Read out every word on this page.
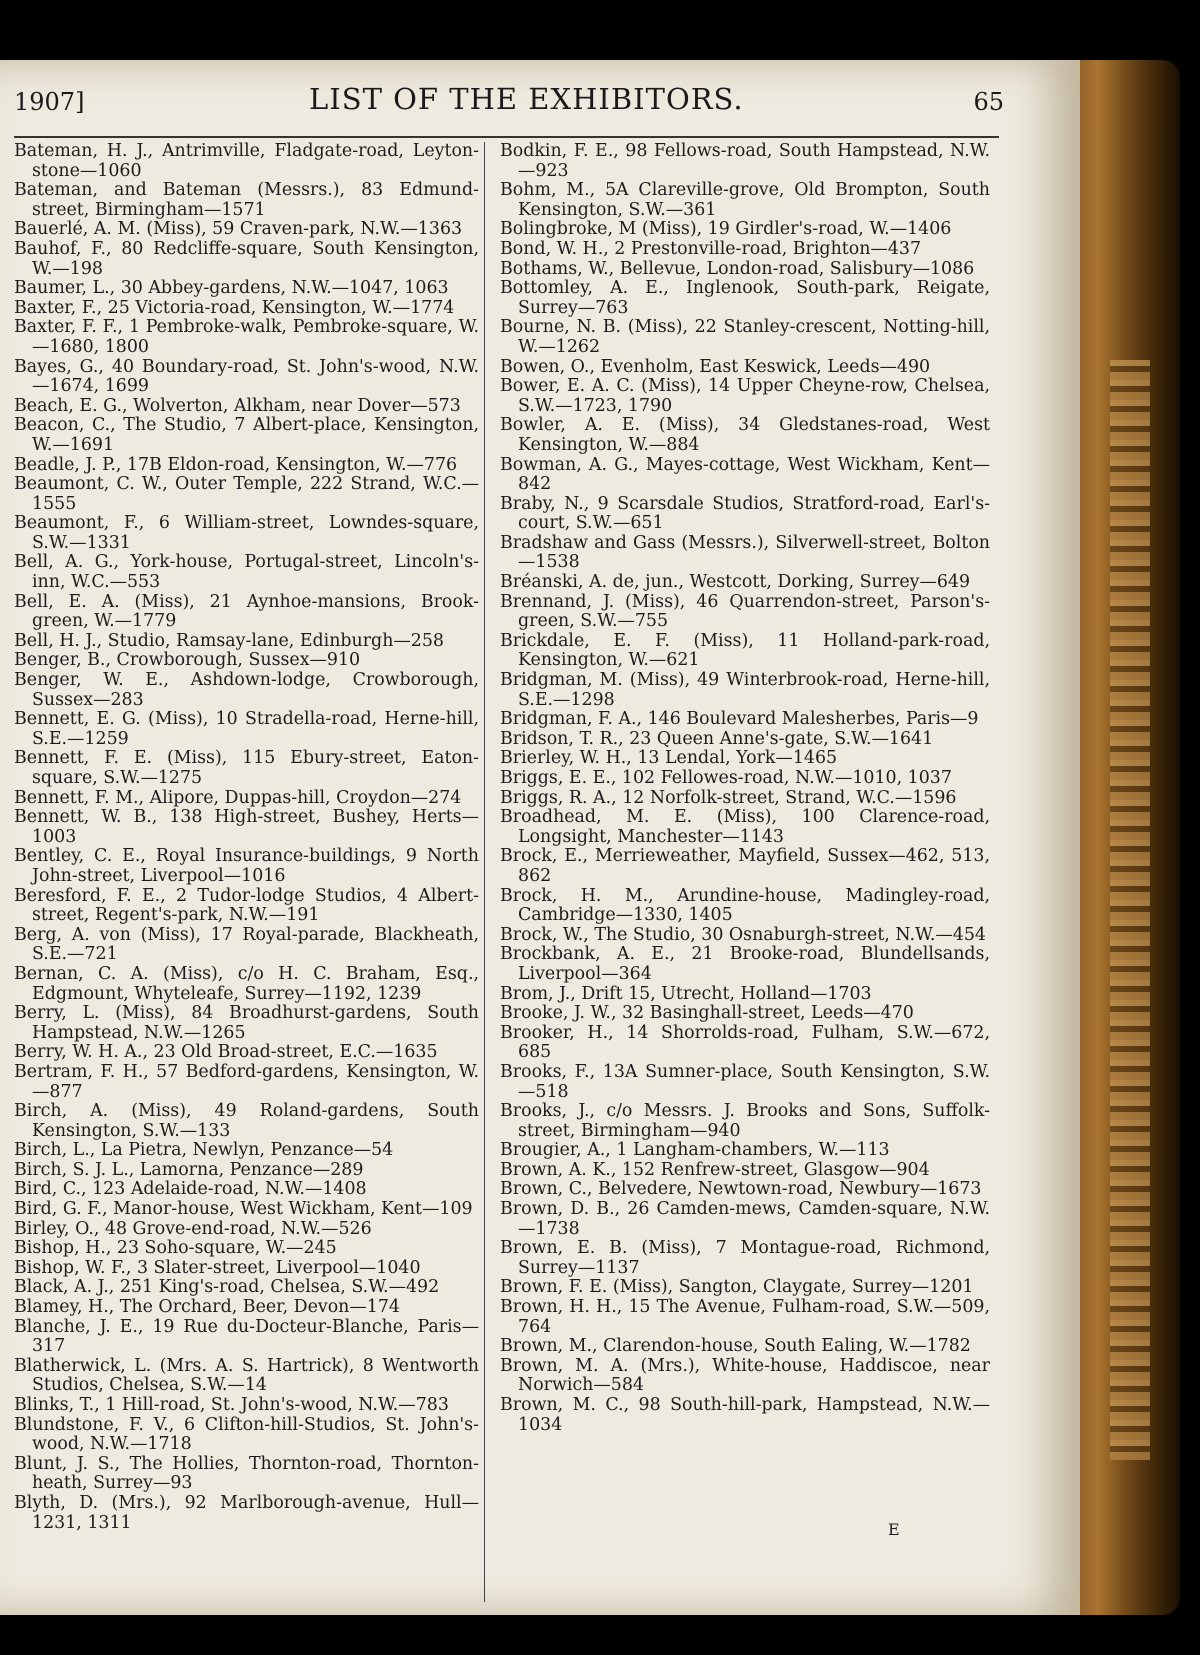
1907]	LIST OF THE EXHIBITORS.	65

Bateman, H. J., Antrimville, Fladgate-road, Leyton-stone—1060

Bateman, and Bateman (Messrs.), 83 Edmund-street, Birmingham—1571

Bauerlé, A. M. (Miss), 59 Craven-park, N.W.—1363

Bauhof, F., 80 Redcliffe-square, South Kensington, W.—198

Baumer, L., 30 Abbey-gardens, N.W.—1047, 1063

Baxter, F., 25 Victoria-road, Kensington, W.—1774

Baxter, F. F., 1 Pembroke-walk, Pembroke-square, W.—1680, 1800

Bayes, G., 40 Boundary-road, St. John's-wood, N.W.—1674, 1699

Beach, E. G., Wolverton, Alkham, near Dover—573

Beacon, C., The Studio, 7 Albert-place, Kensington, W.—1691

Beadle, J. P., 17B Eldon-road, Kensington, W.—776

Beaumont, C. W., Outer Temple, 222 Strand, W.C.—1555

Beaumont, F., 6 William-street, Lowndes-square, S.W.—1331

Bell, A. G., York-house, Portugal-street, Lincoln's-inn, W.C.—553

Bell, E. A. (Miss), 21 Aynhoe-mansions, Brook-green, W.—1779

Bell, H. J., Studio, Ramsay-lane, Edinburgh—258

Benger, B., Crowborough, Sussex—910

Benger, W. E., Ashdown-lodge, Crowborough, Sussex—283

Bennett, E. G. (Miss), 10 Stradella-road, Herne-hill, S.E.—1259

Bennett, F. E. (Miss), 115 Ebury-street, Eaton-square, S.W.—1275

Bennett, F. M., Alipore, Duppas-hill, Croydon—274

Bennett, W. B., 138 High-street, Bushey, Herts—1003

Bentley, C. E., Royal Insurance-buildings, 9 North John-street, Liverpool—1016

Beresford, F. E., 2 Tudor-lodge Studios, 4 Albert-street, Regent's-park, N.W.—191

Berg, A. von (Miss), 17 Royal-parade, Blackheath, S.E.—721

Bernan, C. A. (Miss), c/o H. C. Braham, Esq., Edgmount, Whyteleafe, Surrey—1192, 1239

Berry, L. (Miss), 84 Broadhurst-gardens, South Hampstead, N.W.—1265

Berry, W. H. A., 23 Old Broad-street, E.C.—1635

Bertram, F. H., 57 Bedford-gardens, Kensington, W.—877

Birch, A. (Miss), 49 Roland-gardens, South Kensington, S.W.—133

Birch, L., La Pietra, Newlyn, Penzance—54

Birch, S. J. L., Lamorna, Penzance—289

Bird, C., 123 Adelaide-road, N.W.—1408

Bird, G. F., Manor-house, West Wickham, Kent—109

Birley, O., 48 Grove-end-road, N.W.—526

Bishop, H., 23 Soho-square, W.—245

Bishop, W. F., 3 Slater-street, Liverpool—1040

Black, A. J., 251 King's-road, Chelsea, S.W.—492

Blamey, H., The Orchard, Beer, Devon—174

Blanche, J. E., 19 Rue du-Docteur-Blanche, Paris—317

Blatherwick, L. (Mrs. A. S. Hartrick), 8 Wentworth Studios, Chelsea, S.W.—14

Blinks, T., 1 Hill-road, St. John's-wood, N.W.—783

Blundstone, F. V., 6 Clifton-hill-Studios, St. John's-wood, N.W.—1718

Blunt, J. S., The Hollies, Thornton-road, Thornton-heath, Surrey—93

Blyth, D. (Mrs.), 92 Marlborough-avenue, Hull—1231, 1311

Bodkin, F. E., 98 Fellows-road, South Hampstead, N.W.—923

Bohm, M., 5A Clareville-grove, Old Brompton, South Kensington, S.W.—361

Bolingbroke, M (Miss), 19 Girdler's-road, W.—1406

Bond, W. H., 2 Prestonville-road, Brighton—437

Bothams, W., Bellevue, London-road, Salisbury—1086

Bottomley, A. E., Inglenook, South-park, Reigate, Surrey—763

Bourne, N. B. (Miss), 22 Stanley-crescent, Notting-hill, W.—1262

Bowen, O., Evenholm, East Keswick, Leeds—490

Bower, E. A. C. (Miss), 14 Upper Cheyne-row, Chelsea, S.W.—1723, 1790

Bowler, A. E. (Miss), 34 Gledstanes-road, West Kensington, W.—884

Bowman, A. G., Mayes-cottage, West Wickham, Kent—842

Braby, N., 9 Scarsdale Studios, Stratford-road, Earl's-court, S.W.—651

Bradshaw and Gass (Messrs.), Silverwell-street, Bolton—1538

Bréanski, A. de, jun., Westcott, Dorking, Surrey—649

Brennand, J. (Miss), 46 Quarrendon-street, Parson's-green, S.W.—755

Brickdale, E. F. (Miss), 11 Holland-park-road, Kensington, W.—621

Bridgman, M. (Miss), 49 Winterbrook-road, Herne-hill, S.E.—1298

Bridgman, F. A., 146 Boulevard Malesherbes, Paris—9

Bridson, T. R., 23 Queen Anne's-gate, S.W.—1641

Brierley, W. H., 13 Lendal, York—1465

Briggs, E. E., 102 Fellowes-road, N.W.—1010, 1037

Briggs, R. A., 12 Norfolk-street, Strand, W.C.—1596

Broadhead, M. E. (Miss), 100 Clarence-road, Longsight, Manchester—1143

Brock, E., Merrieweather, Mayfield, Sussex—462, 513, 862

Brock, H. M., Arundine-house, Madingley-road, Cambridge—1330, 1405

Brock, W., The Studio, 30 Osnaburgh-street, N.W.—454

Brockbank, A. E., 21 Brooke-road, Blundellsands, Liverpool—364

Brom, J., Drift 15, Utrecht, Holland—1703

Brooke, J. W., 32 Basinghall-street, Leeds—470

Brooker, H., 14 Shorrolds-road, Fulham, S.W.—672, 685

Brooks, F., 13A Sumner-place, South Kensington, S.W.—518

Brooks, J., c/o Messrs. J. Brooks and Sons, Suffolk-street, Birmingham—940

Brougier, A., 1 Langham-chambers, W.—113

Brown, A. K., 152 Renfrew-street, Glasgow—904

Brown, C., Belvedere, Newtown-road, Newbury—1673

Brown, D. B., 26 Camden-mews, Camden-square, N.W.—1738

Brown, E. B. (Miss), 7 Montague-road, Richmond, Surrey—1137

Brown, F. E. (Miss), Sangton, Claygate, Surrey—1201

Brown, H. H., 15 The Avenue, Fulham-road, S.W.—509, 764

Brown, M., Clarendon-house, South Ealing, W.—1782

Brown, M. A. (Mrs.), White-house, Haddiscoe, near Norwich—584

Brown, M. C., 98 South-hill-park, Hampstead, N.W.—1034

E
